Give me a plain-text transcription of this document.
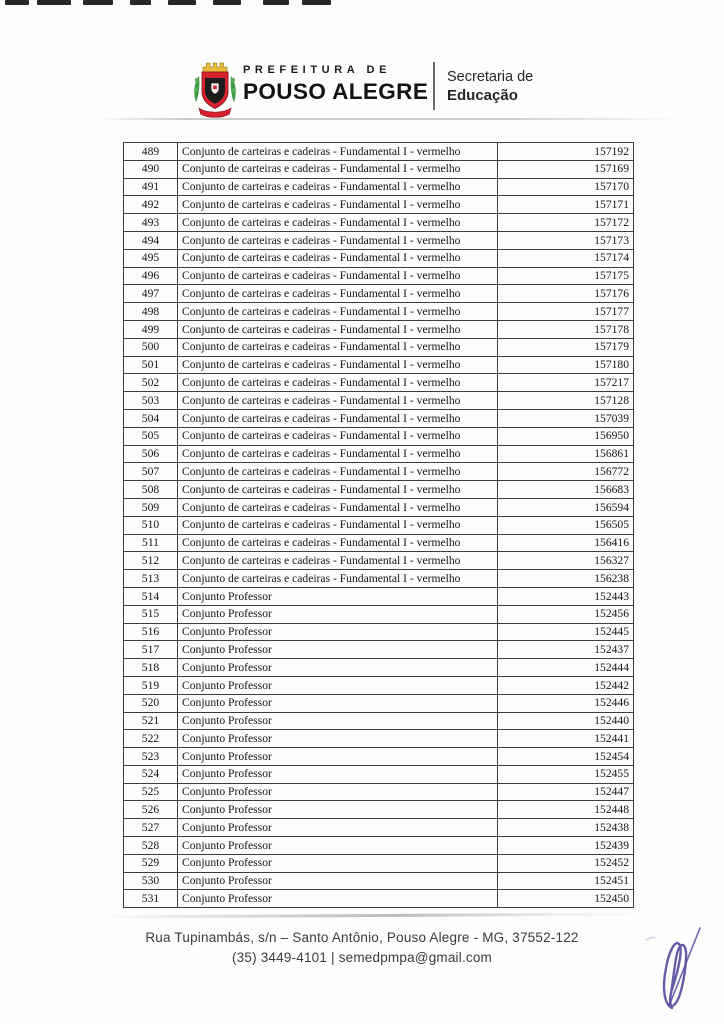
PREFEITURA DE
POUSO ALEGRE
Secretaria de
Educação
489	Conjunto de carteiras e cadeiras - Fundamental I - vermelho	157192
490	Conjunto de carteiras e cadeiras - Fundamental I - vermelho	157169
491	Conjunto de carteiras e cadeiras - Fundamental I - vermelho	157170
492	Conjunto de carteiras e cadeiras - Fundamental I - vermelho	157171
493	Conjunto de carteiras e cadeiras - Fundamental I - vermelho	157172
494	Conjunto de carteiras e cadeiras - Fundamental I - vermelho	157173
495	Conjunto de carteiras e cadeiras - Fundamental I - vermelho	157174
496	Conjunto de carteiras e cadeiras - Fundamental I - vermelho	157175
497	Conjunto de carteiras e cadeiras - Fundamental I - vermelho	157176
498	Conjunto de carteiras e cadeiras - Fundamental I - vermelho	157177
499	Conjunto de carteiras e cadeiras - Fundamental I - vermelho	157178
500	Conjunto de carteiras e cadeiras - Fundamental I - vermelho	157179
501	Conjunto de carteiras e cadeiras - Fundamental I - vermelho	157180
502	Conjunto de carteiras e cadeiras - Fundamental I - vermelho	157217
503	Conjunto de carteiras e cadeiras - Fundamental I - vermelho	157128
504	Conjunto de carteiras e cadeiras - Fundamental I - vermelho	157039
505	Conjunto de carteiras e cadeiras - Fundamental I - vermelho	156950
506	Conjunto de carteiras e cadeiras - Fundamental I - vermelho	156861
507	Conjunto de carteiras e cadeiras - Fundamental I - vermelho	156772
508	Conjunto de carteiras e cadeiras - Fundamental I - vermelho	156683
509	Conjunto de carteiras e cadeiras - Fundamental I - vermelho	156594
510	Conjunto de carteiras e cadeiras - Fundamental I - vermelho	156505
511	Conjunto de carteiras e cadeiras - Fundamental I - vermelho	156416
512	Conjunto de carteiras e cadeiras - Fundamental I - vermelho	156327
513	Conjunto de carteiras e cadeiras - Fundamental I - vermelho	156238
514	Conjunto Professor	152443
515	Conjunto Professor	152456
516	Conjunto Professor	152445
517	Conjunto Professor	152437
518	Conjunto Professor	152444
519	Conjunto Professor	152442
520	Conjunto Professor	152446
521	Conjunto Professor	152440
522	Conjunto Professor	152441
523	Conjunto Professor	152454
524	Conjunto Professor	152455
525	Conjunto Professor	152447
526	Conjunto Professor	152448
527	Conjunto Professor	152438
528	Conjunto Professor	152439
529	Conjunto Professor	152452
530	Conjunto Professor	152451
531	Conjunto Professor	152450
Rua Tupinambás, s/n – Santo Antônio, Pouso Alegre - MG, 37552-122
(35) 3449-4101 | semedpmpa@gmail.com
